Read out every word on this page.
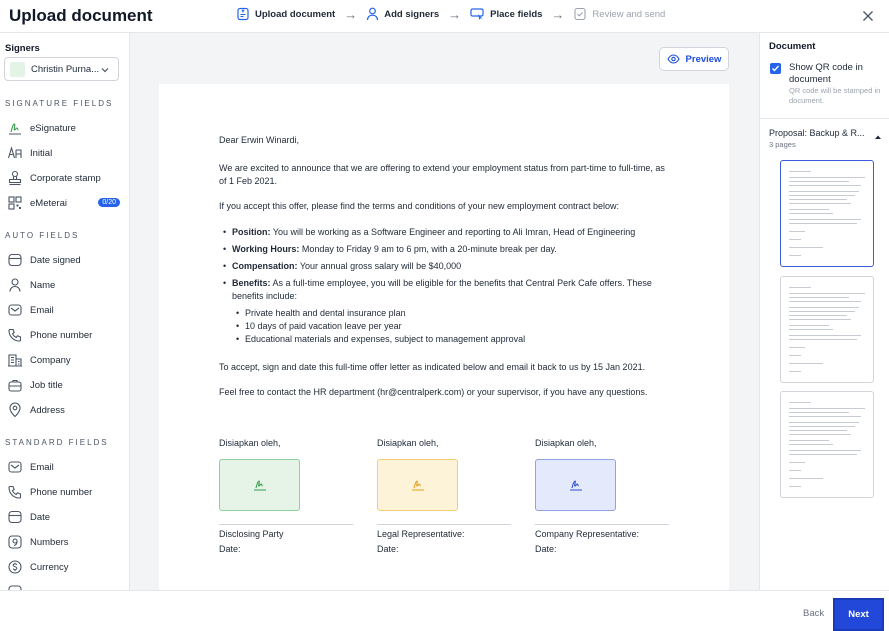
Upload document	Upload document →	Add signers →	Place fields →	Review and send
Signers
Christin Purna...
SIGNATURE FIELDS
eSignature
Initial
Corporate stamp
eMeterai	0/20
AUTO FIELDS
Date signed
Name
Email
Phone number
Company
Job title
Address
STANDARD FIELDS
Email
Phone number
Date
Numbers
Currency
Preview
Dear Erwin Winardi,
We are excited to announce that we are offering to extend your employment status from part-time to full-time, as of 1 Feb 2021.
If you accept this offer, please find the terms and conditions of your new employment contract below:
• Position: You will be working as a Software Engineer and reporting to Ali Imran, Head of Engineering
• Working Hours: Monday to Friday 9 am to 6 pm, with a 20-minute break per day.
• Compensation: Your annual gross salary will be $40,000
• Benefits: As a full-time employee, you will be eligible for the benefits that Central Perk Cafe offers. These benefits include:
• Private health and dental insurance plan
• 10 days of paid vacation leave per year
• Educational materials and expenses, subject to management approval
To accept, sign and date this full-time offer letter as indicated below and email it back to us by 15 Jan 2021.
Feel free to contact the HR department (hr@centralperk.com) or your supervisor, if you have any questions.
Disiapkan oleh,
Disclosing Party
Date:
Disiapkan oleh,
Legal Representative:
Date:
Disiapkan oleh,
Company Representative:
Date:
Document
Show QR code in document
QR code will be stamped in document.
Proposal: Backup & R...
3 pages
Back	Next
